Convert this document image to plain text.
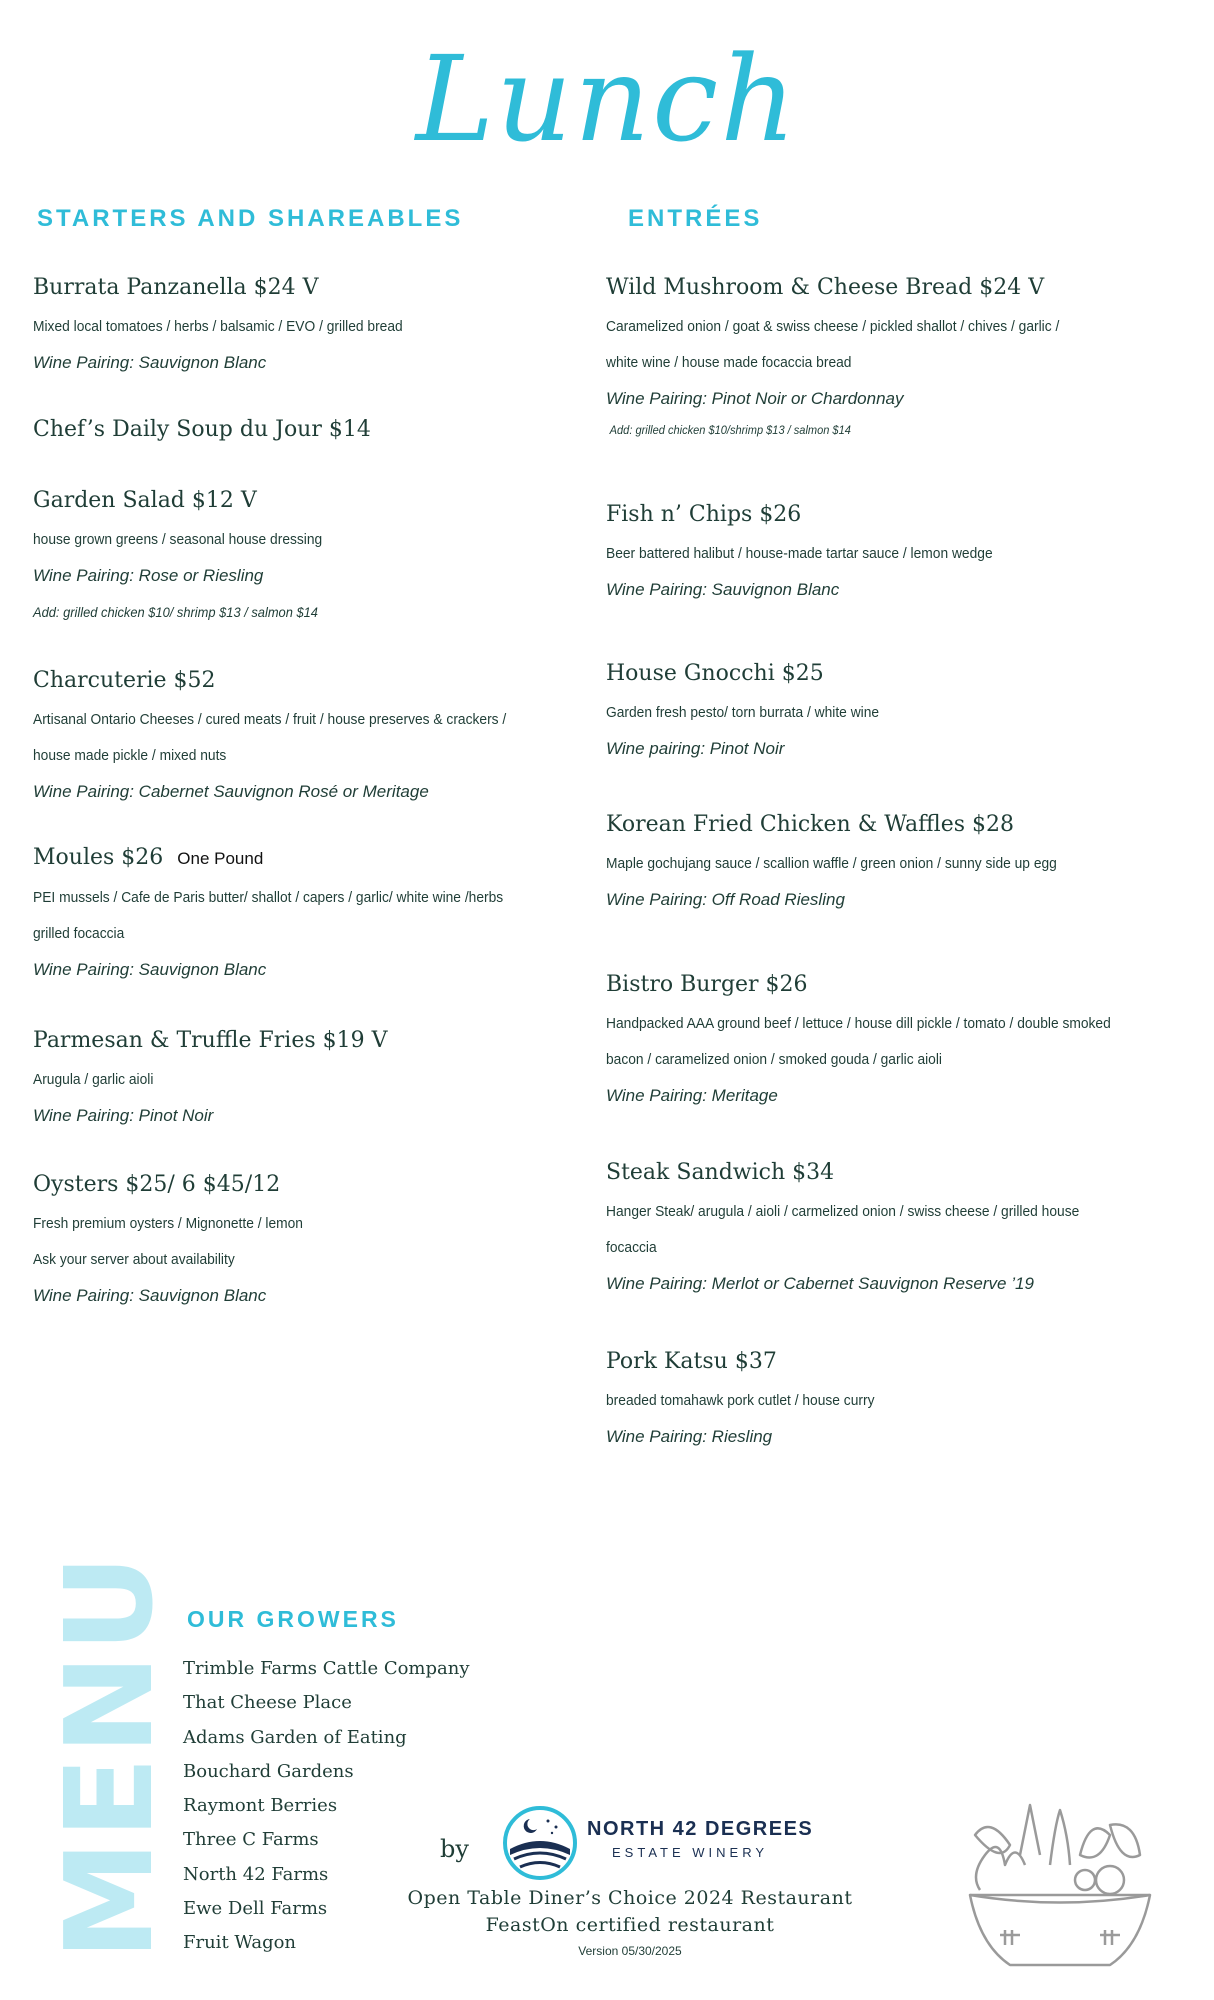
Lunch
STARTERS AND SHAREABLES	ENTRÉES
Burrata Panzanella $24 V
Mixed local tomatoes / herbs / balsamic / EVO / grilled bread
Wine Pairing: Sauvignon Blanc
Chef’s Daily Soup du Jour $14
Garden Salad $12 V
house grown greens / seasonal house dressing
Wine Pairing: Rose or Riesling
Add: grilled chicken $10/ shrimp $13 / salmon $14
Charcuterie $52
Artisanal Ontario Cheeses / cured meats / fruit / house preserves & crackers /
house made pickle / mixed nuts
Wine Pairing: Cabernet Sauvignon Rosé or Meritage
Moules $26 One Pound
PEI mussels / Cafe de Paris butter/ shallot / capers / garlic/ white wine /herbs
grilled focaccia
Wine Pairing: Sauvignon Blanc
Parmesan & Truffle Fries $19 V
Arugula / garlic aioli
Wine Pairing: Pinot Noir
Oysters $25/ 6 $45/12
Fresh premium oysters / Mignonette / lemon
Ask your server about availability
Wine Pairing: Sauvignon Blanc
Wild Mushroom & Cheese Bread $24 V
Caramelized onion / goat & swiss cheese / pickled shallot / chives / garlic /
white wine / house made focaccia bread
Wine Pairing: Pinot Noir or Chardonnay
Add: grilled chicken $10/shrimp $13 / salmon $14
Fish n’ Chips $26
Beer battered halibut / house-made tartar sauce / lemon wedge
Wine Pairing: Sauvignon Blanc
House Gnocchi $25
Garden fresh pesto/ torn burrata / white wine
Wine pairing: Pinot Noir
Korean Fried Chicken & Waffles $28
Maple gochujang sauce / scallion waffle / green onion / sunny side up egg
Wine Pairing: Off Road Riesling
Bistro Burger $26
Handpacked AAA ground beef / lettuce / house dill pickle / tomato / double smoked
bacon / caramelized onion / smoked gouda / garlic aioli
Wine Pairing: Meritage
Steak Sandwich $34
Hanger Steak/ arugula / aioli / carmelized onion / swiss cheese / grilled house
focaccia
Wine Pairing: Merlot or Cabernet Sauvignon Reserve ’19
Pork Katsu $37
breaded tomahawk pork cutlet / house curry
Wine Pairing: Riesling
MENU OUR GROWERS
Trimble Farms Cattle Company
That Cheese Place
Adams Garden of Eating
Bouchard Gardens
Raymont Berries
Three C Farms
North 42 Farms
Ewe Dell Farms
Fruit Wagon
by
NORTH 42 DEGREES
ESTATE WINERY
Open Table Diner’s Choice 2024 Restaurant
FeastOn certified restaurant
Version 05/30/2025
